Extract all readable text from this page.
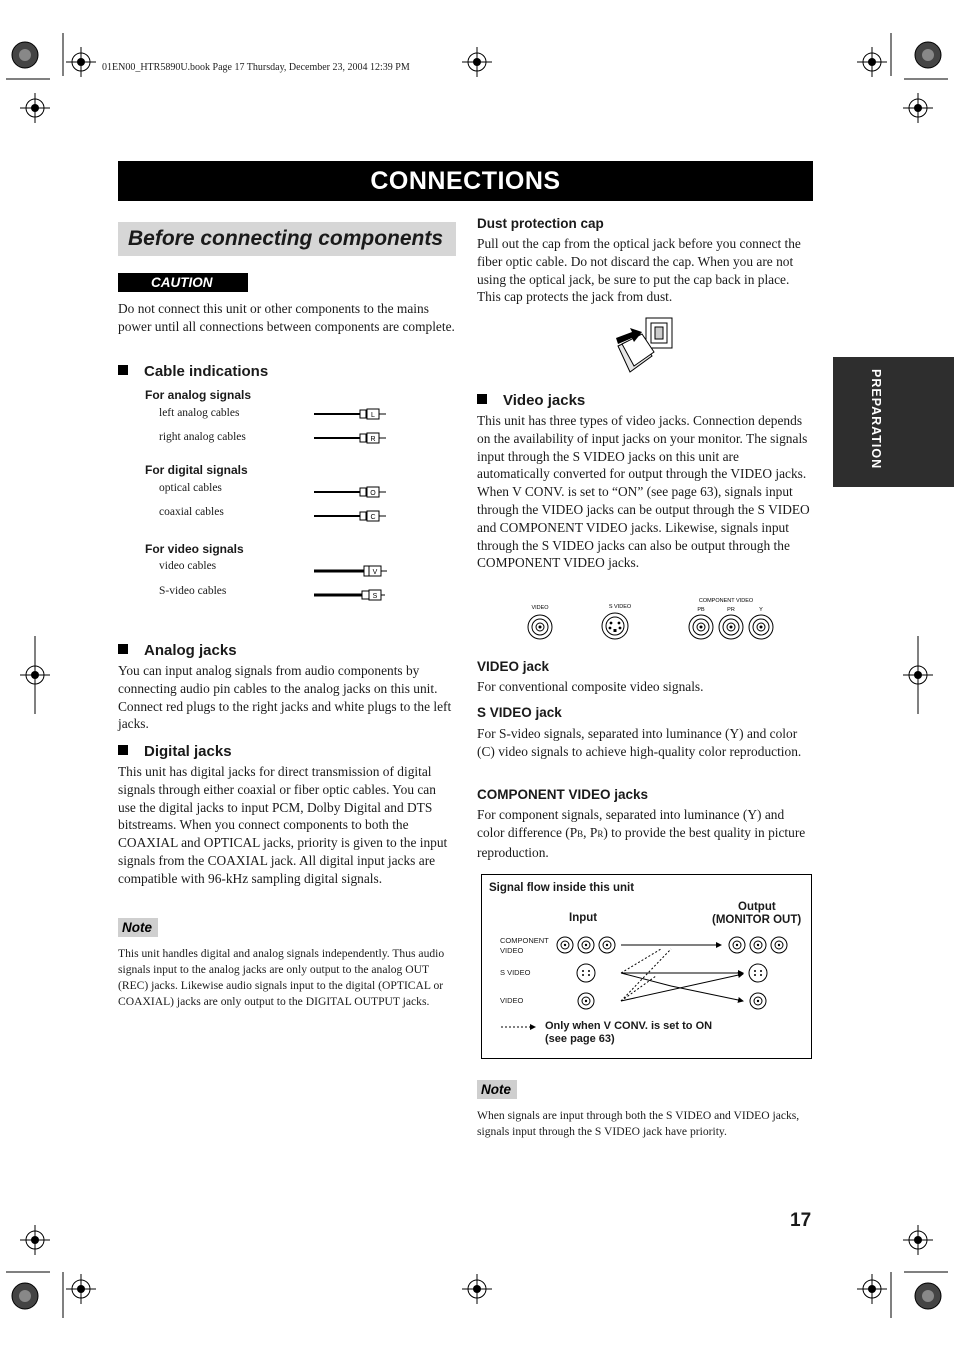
01EN00_HTR5890U.book Page 17 Thursday, December 23, 2004 12:39 PM
CONNECTIONS
Before connecting components
CAUTION
Do not connect this unit or other components to the mains power until all connections between components are complete.
Cable indications
For analog signals
left analog cables
right analog cables
For digital signals
optical cables
coaxial cables
For video signals
video cables
S-video cables
L
R
O
C
V
S
Analog jacks
You can input analog signals from audio components by connecting audio pin cables to the analog jacks on this unit. Connect red plugs to the right jacks and white plugs to the left jacks.
Digital jacks
This unit has digital jacks for direct transmission of digital signals through either coaxial or fiber optic cables. You can use the digital jacks to input PCM, Dolby Digital and DTS bitstreams. When you connect components to both the COAXIAL and OPTICAL jacks, priority is given to the input signals from the COAXIAL jack. All digital input jacks are compatible with 96-kHz sampling digital signals.
Note
This unit handles digital and analog signals independently. Thus audio signals input to the analog jacks are only output to the analog OUT (REC) jacks. Likewise audio signals input to the digital (OPTICAL or COAXIAL) jacks are only output to the DIGITAL OUTPUT jacks.
Dust protection cap
Pull out the cap from the optical jack before you connect the fiber optic cable. Do not discard the cap. When you are not using the optical jack, be sure to put the cap back in place. This cap protects the jack from dust.
Video jacks
This unit has three types of video jacks. Connection depends on the availability of input jacks on your monitor. The signals input through the S VIDEO jacks on this unit are automatically converted for output through the VIDEO jacks. When V CONV. is set to “ON” (see page 63), signals input through the VIDEO jacks can be output through the S VIDEO and COMPONENT VIDEO jacks. Likewise, signals input through the S VIDEO jacks can also be output through the COMPONENT VIDEO jacks.
VIDEO	S VIDEO
COMPONENT VIDEO
PB	PR	Y
VIDEO jack
For conventional composite video signals.
S VIDEO jack
For S-video signals, separated into luminance (Y) and color (C) video signals to achieve high-quality color reproduction.
COMPONENT VIDEO jacks
For component signals, separated into luminance (Y) and color difference (PB, PR) to provide the best quality in picture reproduction.
Signal flow inside this unit
Input
Output
(MONITOR OUT)
COMPONENT
VIDEO
S VIDEO
VIDEO
Only when V CONV. is set to ON
(see page 63)
Note
When signals are input through both the S VIDEO and VIDEO jacks, signals input through the S VIDEO jack have priority.
PREPARATION
17
